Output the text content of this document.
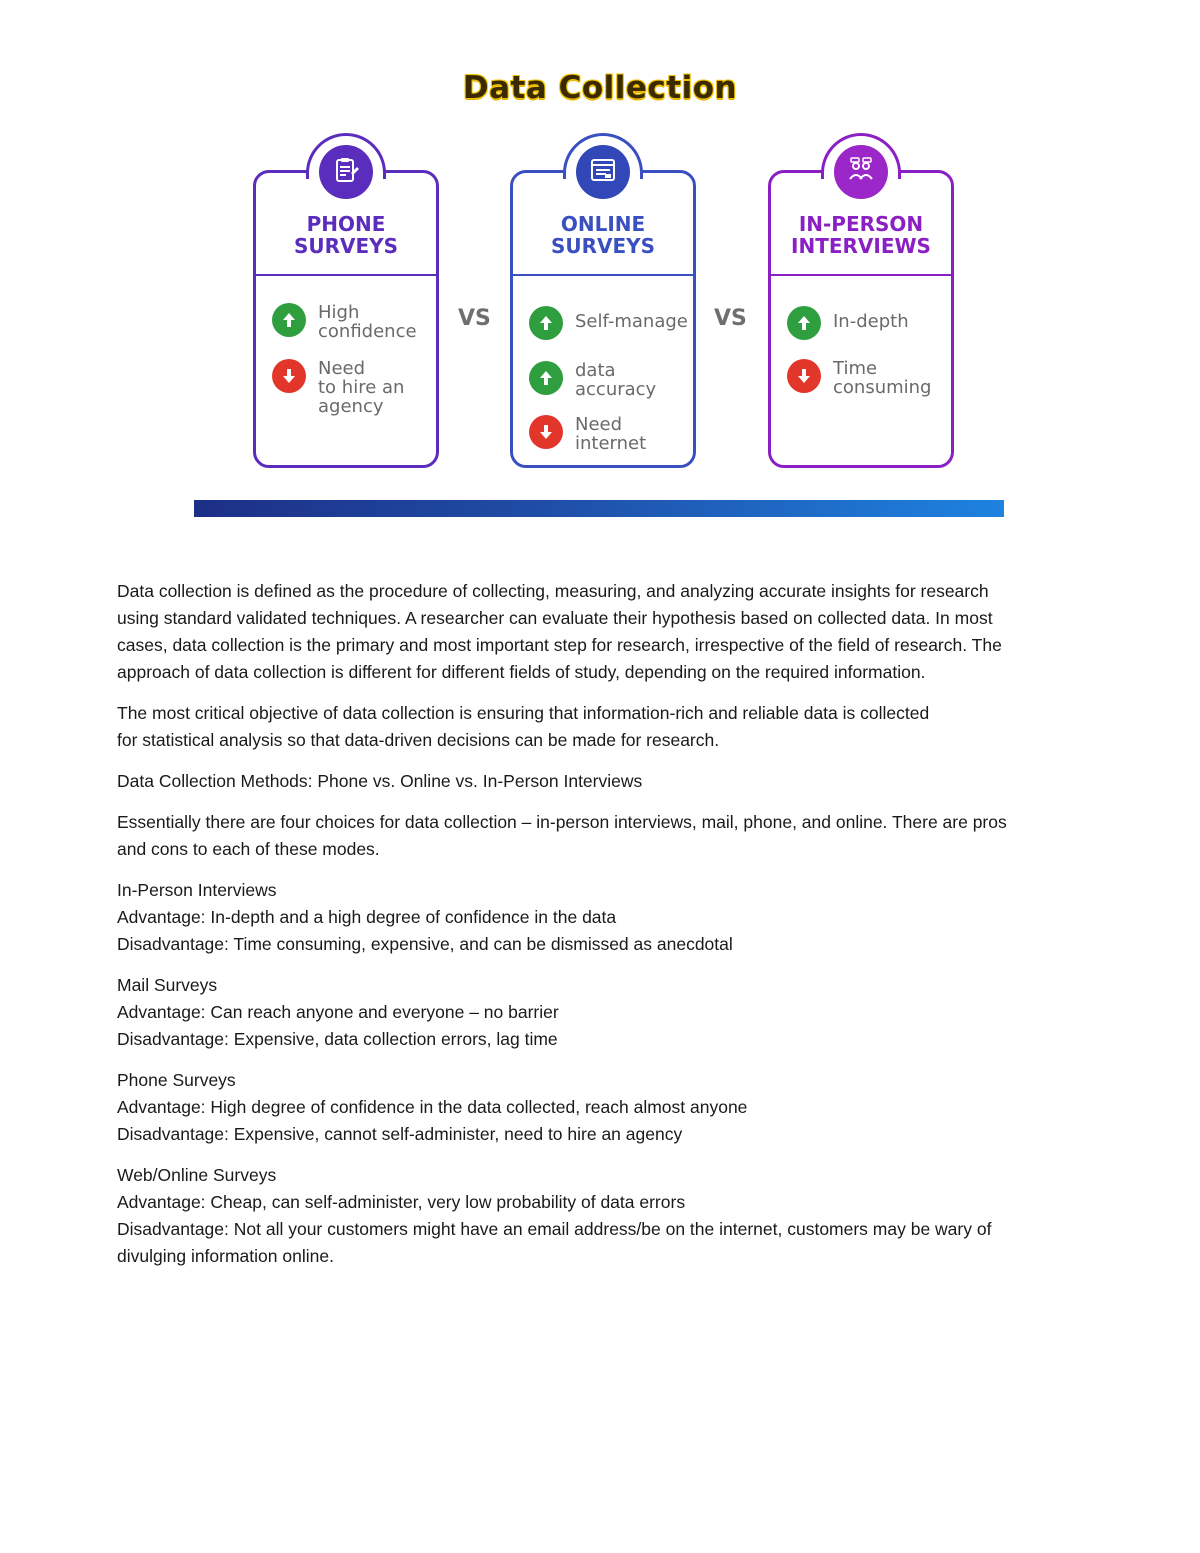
Data Collection
PHONE
SURVEYS
High
confidence
Need
to hire an
agency
ONLINE
SURVEYS
Self-manage
data
accuracy
Need
internet
IN-PERSON
INTERVIEWS
In-depth
Time
consuming
VS	VS

Data collection is defined as the procedure of collecting, measuring, and analyzing accurate insights for research
using standard validated techniques. A researcher can evaluate their hypothesis based on collected data. In most
cases, data collection is the primary and most important step for research, irrespective of the field of research. The
approach of data collection is different for different fields of study, depending on the required information.

The most critical objective of data collection is ensuring that information-rich and reliable data is collected
for statistical analysis so that data-driven decisions can be made for research.

Data Collection Methods: Phone vs. Online vs. In-Person Interviews

Essentially there are four choices for data collection – in-person interviews, mail, phone, and online. There are pros
and cons to each of these modes.

In-Person Interviews
Advantage: In-depth and a high degree of confidence in the data
Disadvantage: Time consuming, expensive, and can be dismissed as anecdotal

Mail Surveys
Advantage: Can reach anyone and everyone – no barrier
Disadvantage: Expensive, data collection errors, lag time

Phone Surveys
Advantage: High degree of confidence in the data collected, reach almost anyone
Disadvantage: Expensive, cannot self-administer, need to hire an agency

Web/Online Surveys
Advantage: Cheap, can self-administer, very low probability of data errors
Disadvantage: Not all your customers might have an email address/be on the internet, customers may be wary of
divulging information online.
